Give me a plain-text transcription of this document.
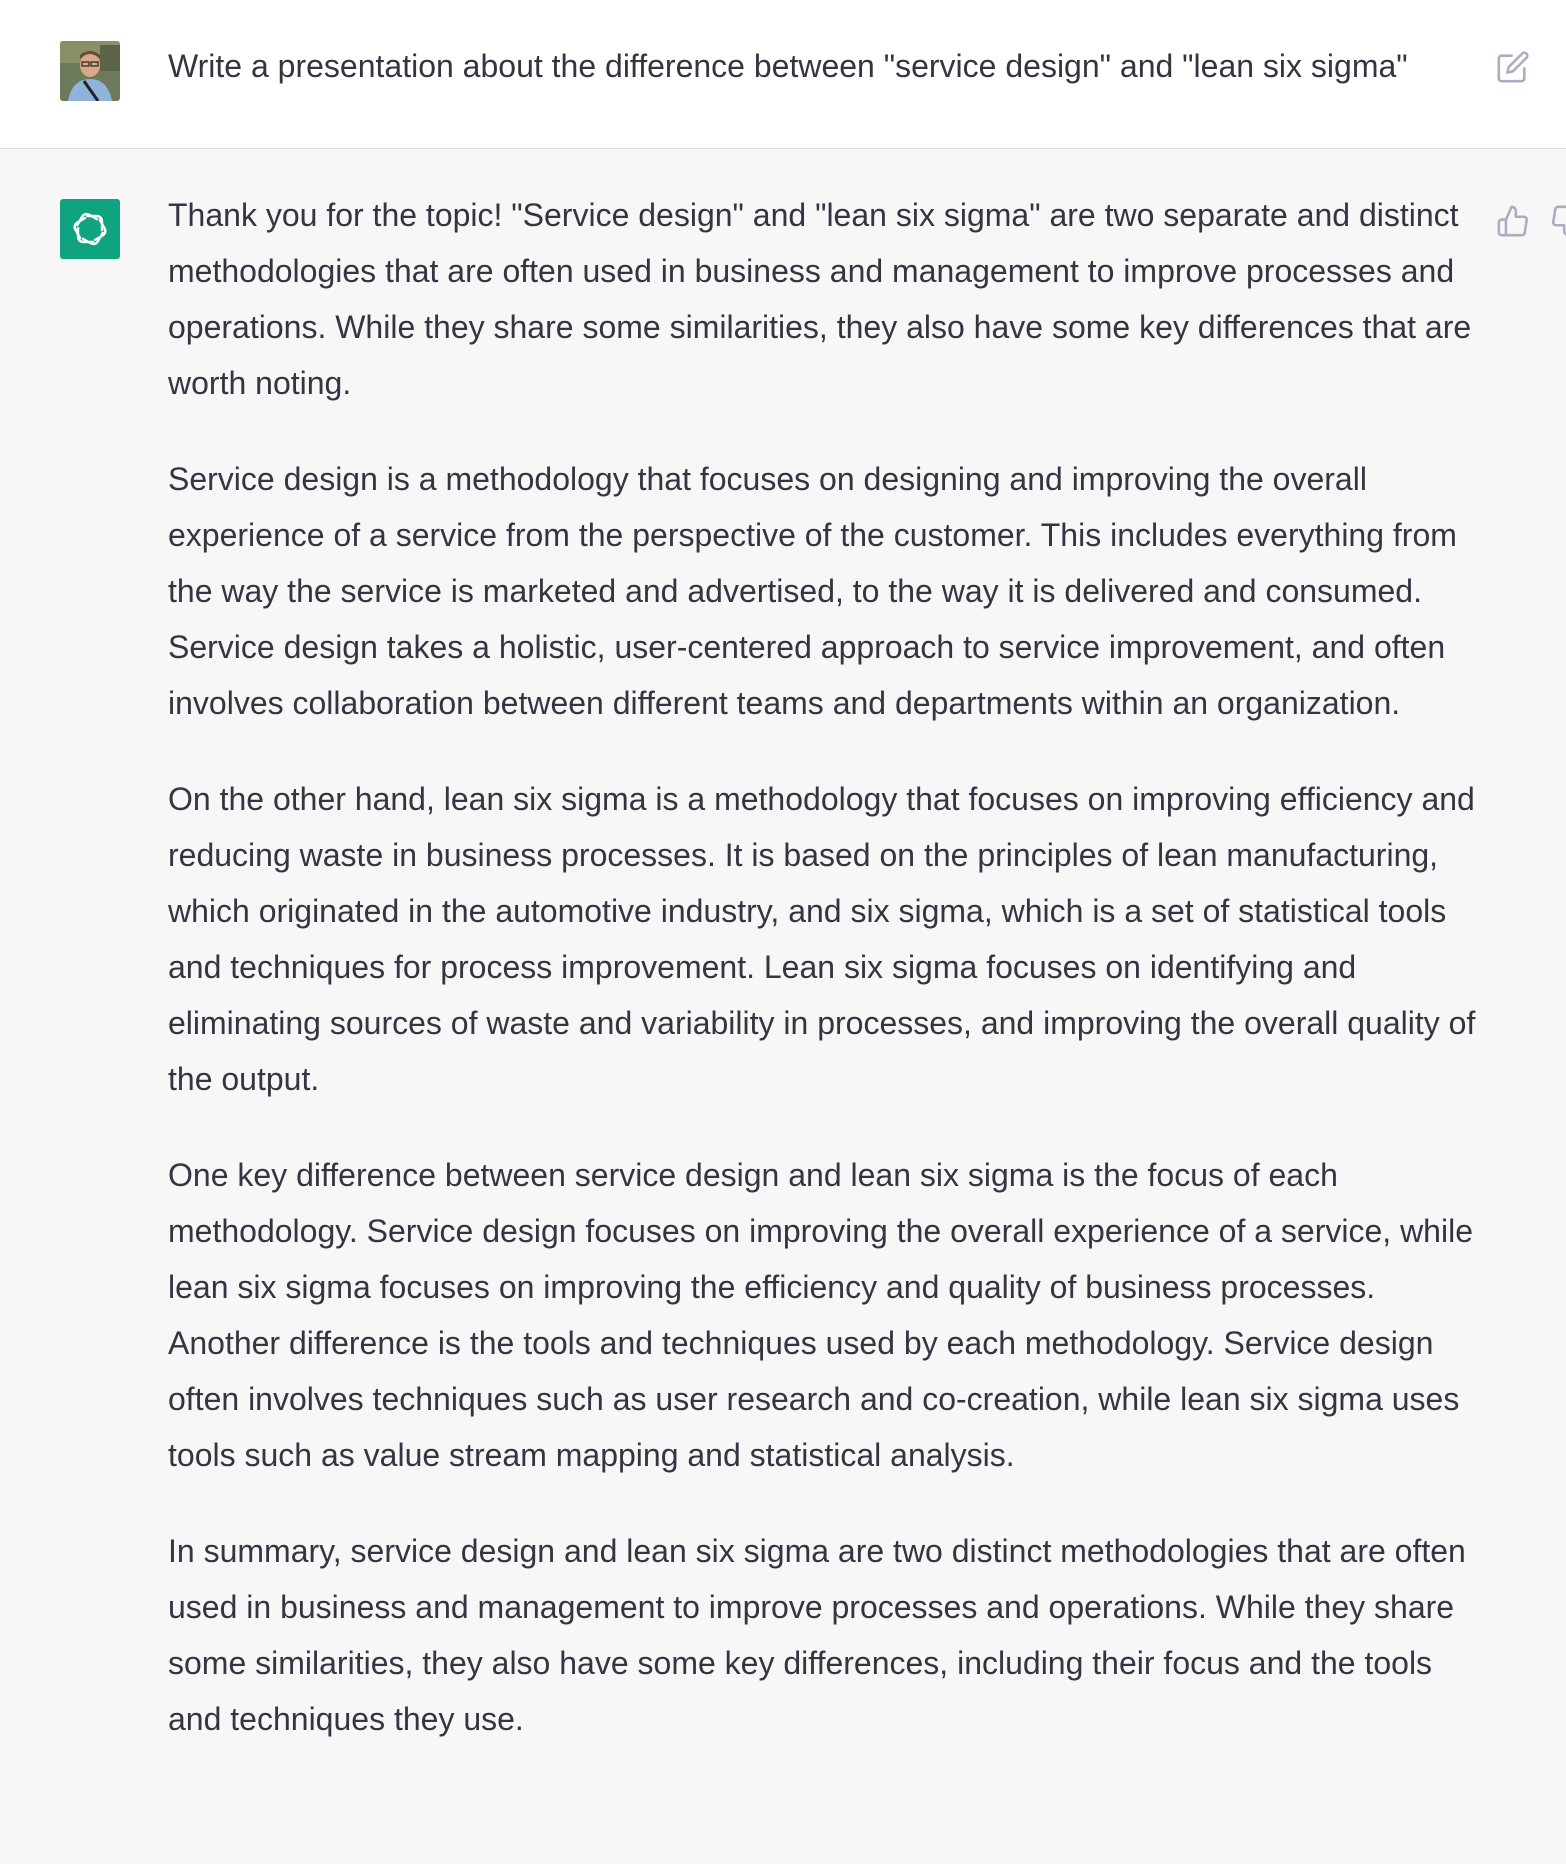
Write a presentation about the difference between "service design" and "lean six sigma"

Thank you for the topic! "Service design" and "lean six sigma" are two separate and distinct methodologies that are often used in business and management to improve processes and operations. While they share some similarities, they also have some key differences that are worth noting.

Service design is a methodology that focuses on designing and improving the overall experience of a service from the perspective of the customer. This includes everything from the way the service is marketed and advertised, to the way it is delivered and consumed. Service design takes a holistic, user-centered approach to service improvement, and often involves collaboration between different teams and departments within an organization.

On the other hand, lean six sigma is a methodology that focuses on improving efficiency and reducing waste in business processes. It is based on the principles of lean manufacturing, which originated in the automotive industry, and six sigma, which is a set of statistical tools and techniques for process improvement. Lean six sigma focuses on identifying and eliminating sources of waste and variability in processes, and improving the overall quality of the output.

One key difference between service design and lean six sigma is the focus of each methodology. Service design focuses on improving the overall experience of a service, while lean six sigma focuses on improving the efficiency and quality of business processes. Another difference is the tools and techniques used by each methodology. Service design often involves techniques such as user research and co-creation, while lean six sigma uses tools such as value stream mapping and statistical analysis.

In summary, service design and lean six sigma are two distinct methodologies that are often used in business and management to improve processes and operations. While they share some similarities, they also have some key differences, including their focus and the tools and techniques they use.
